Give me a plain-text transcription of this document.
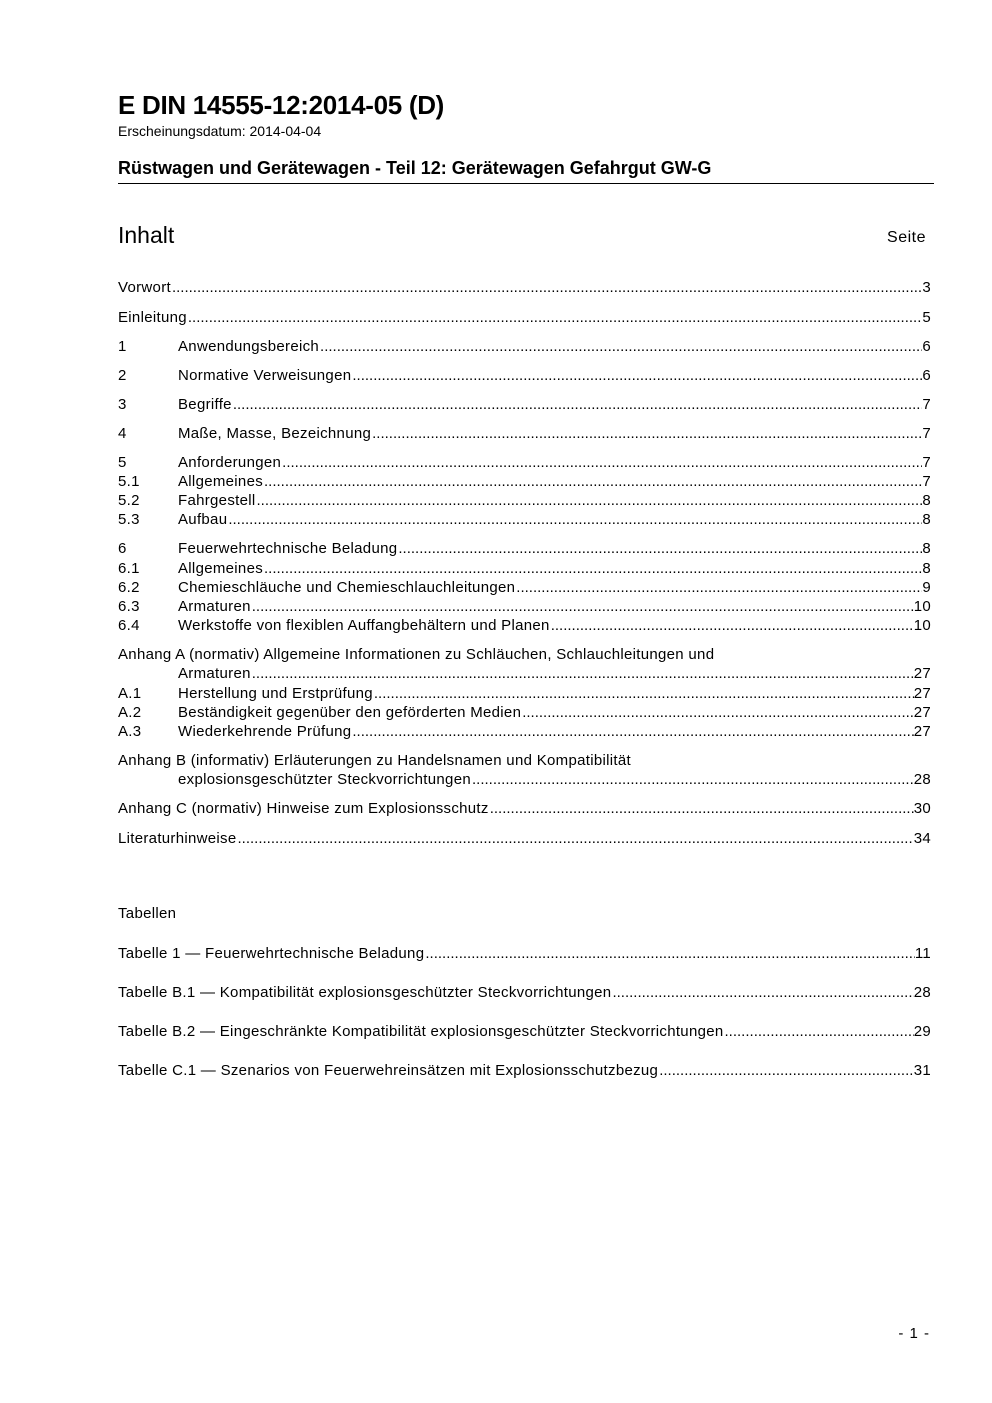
E DIN 14555-12:2014-05 (D)
Erscheinungsdatum: 2014-04-04
Rüstwagen und Gerätewagen - Teil 12: Gerätewagen Gefahrgut GW-G
Inhalt	Seite
Vorwort .....	3
Einleitung .....	5
1	Anwendungsbereich .....	6
2	Normative Verweisungen .....	6
3	Begriffe .....	7
4	Maße, Masse, Bezeichnung .....	7
5	Anforderungen .....	7
5.1	Allgemeines .....	7
5.2	Fahrgestell .....	8
5.3	Aufbau .....	8
6	Feuerwehrtechnische Beladung .....	8
6.1	Allgemeines .....	8
6.2	Chemieschläuche und Chemieschlauchleitungen .....	9
6.3	Armaturen .....	10
6.4	Werkstoffe von flexiblen Auffangbehältern und Planen .....	10
Anhang A (normativ) Allgemeine Informationen zu Schläuchen, Schlauchleitungen und
Armaturen .....	27
A.1 Herstellung und Erstprüfung .....	27
A.2 Beständigkeit gegenüber den geförderten Medien .....	27
A.3 Wiederkehrende Prüfung .....	27
Anhang B (informativ) Erläuterungen zu Handelsnamen und Kompatibilität
explosionsgeschützter Steckvorrichtungen .....	28
Anhang C (normativ) Hinweise zum Explosionsschutz .....	30
Literaturhinweise .....	34
Tabellen
Tabelle 1 — Feuerwehrtechnische Beladung .....	11
Tabelle B.1 — Kompatibilität explosionsgeschützter Steckvorrichtungen .....	28
Tabelle B.2 — Eingeschränkte Kompatibilität explosionsgeschützter Steckvorrichtungen .....	29
Tabelle C.1 — Szenarios von Feuerwehreinsätzen mit Explosionsschutzbezug .....	31
- 1 -
